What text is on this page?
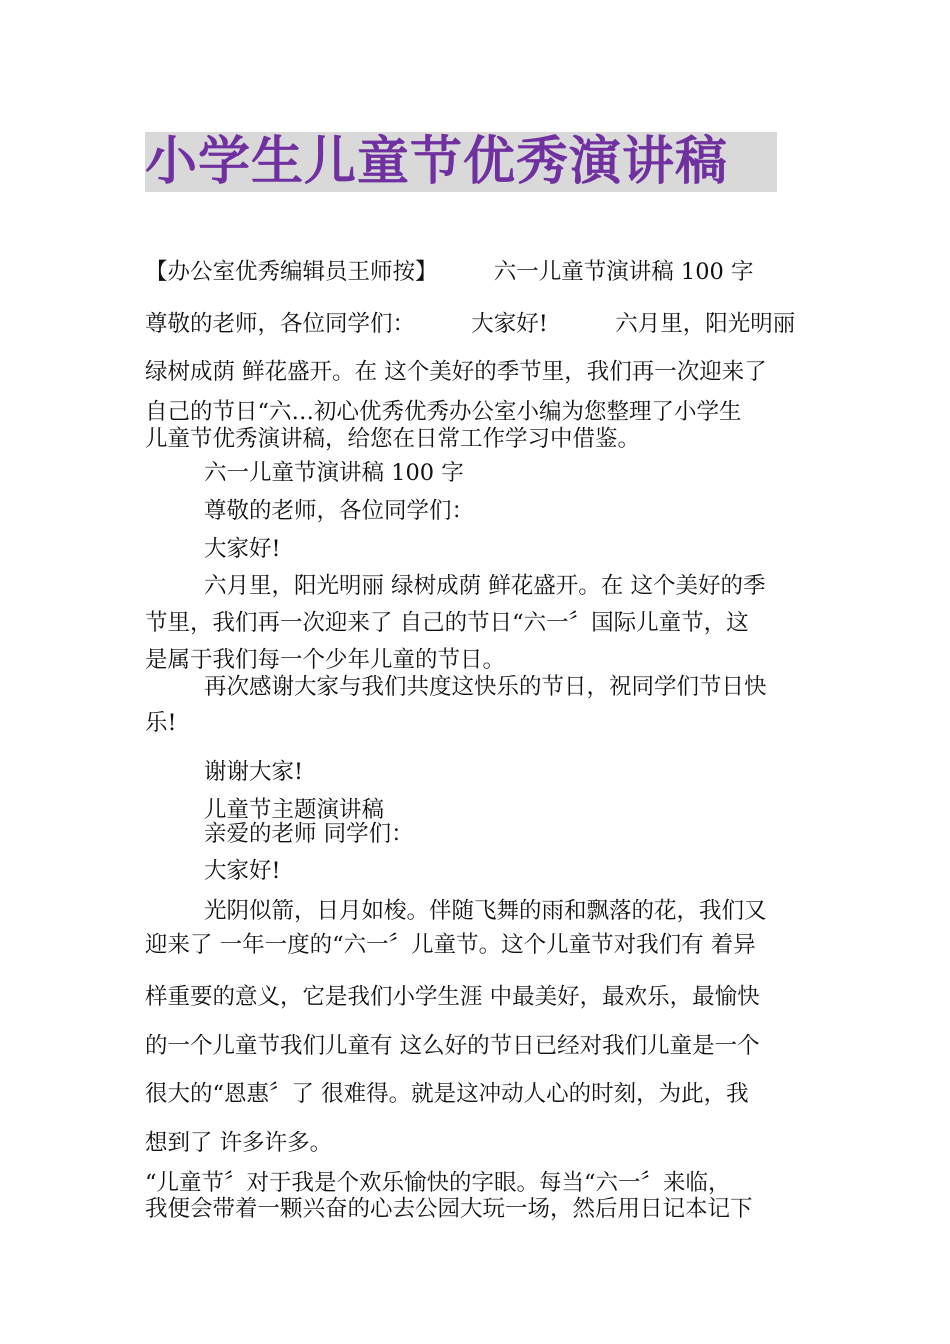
小学生儿童节优秀演讲稿
【办公室优秀编辑员王师按】　　　六一儿童节演讲稿 100 字
尊敬的老师，各位同学们：　　　大家好!　　　六月里，阳光明丽
绿树成荫 鲜花盛开。在 这个美好的季节里，我们再一次迎来了
自己的节日“六…初心优秀优秀办公室小编为您整理了小学生
儿童节优秀演讲稿，给您在日常工作学习中借鉴。
六一儿童节演讲稿 100 字
尊敬的老师，各位同学们：
大家好!
六月里，阳光明丽 绿树成荫 鲜花盛开。在 这个美好的季
节里，我们再一次迎来了 自己的节日“六一〞国际儿童节，这
是属于我们每一个少年儿童的节日。
再次感谢大家与我们共度这快乐的节日，祝同学们节日快
乐!
谢谢大家!
儿童节主题演讲稿
亲爱的老师 同学们：
大家好!
光阴似箭，日月如梭。伴随飞舞的雨和飘落的花，我们又
迎来了 一年一度的“六一〞儿童节。这个儿童节对我们有 着异
样重要的意义，它是我们小学生涯 中最美好，最欢乐，最愉快
的一个儿童节我们儿童有 这么好的节日已经对我们儿童是一个
很大的“恩惠〞了 很难得。就是这冲动人心的时刻，为此，我
想到了 许多许多。
“儿童节〞对于我是个欢乐愉快的字眼。每当“六一〞来临，
我便会带着一颗兴奋的心去公园大玩一场，然后用日记本记下
